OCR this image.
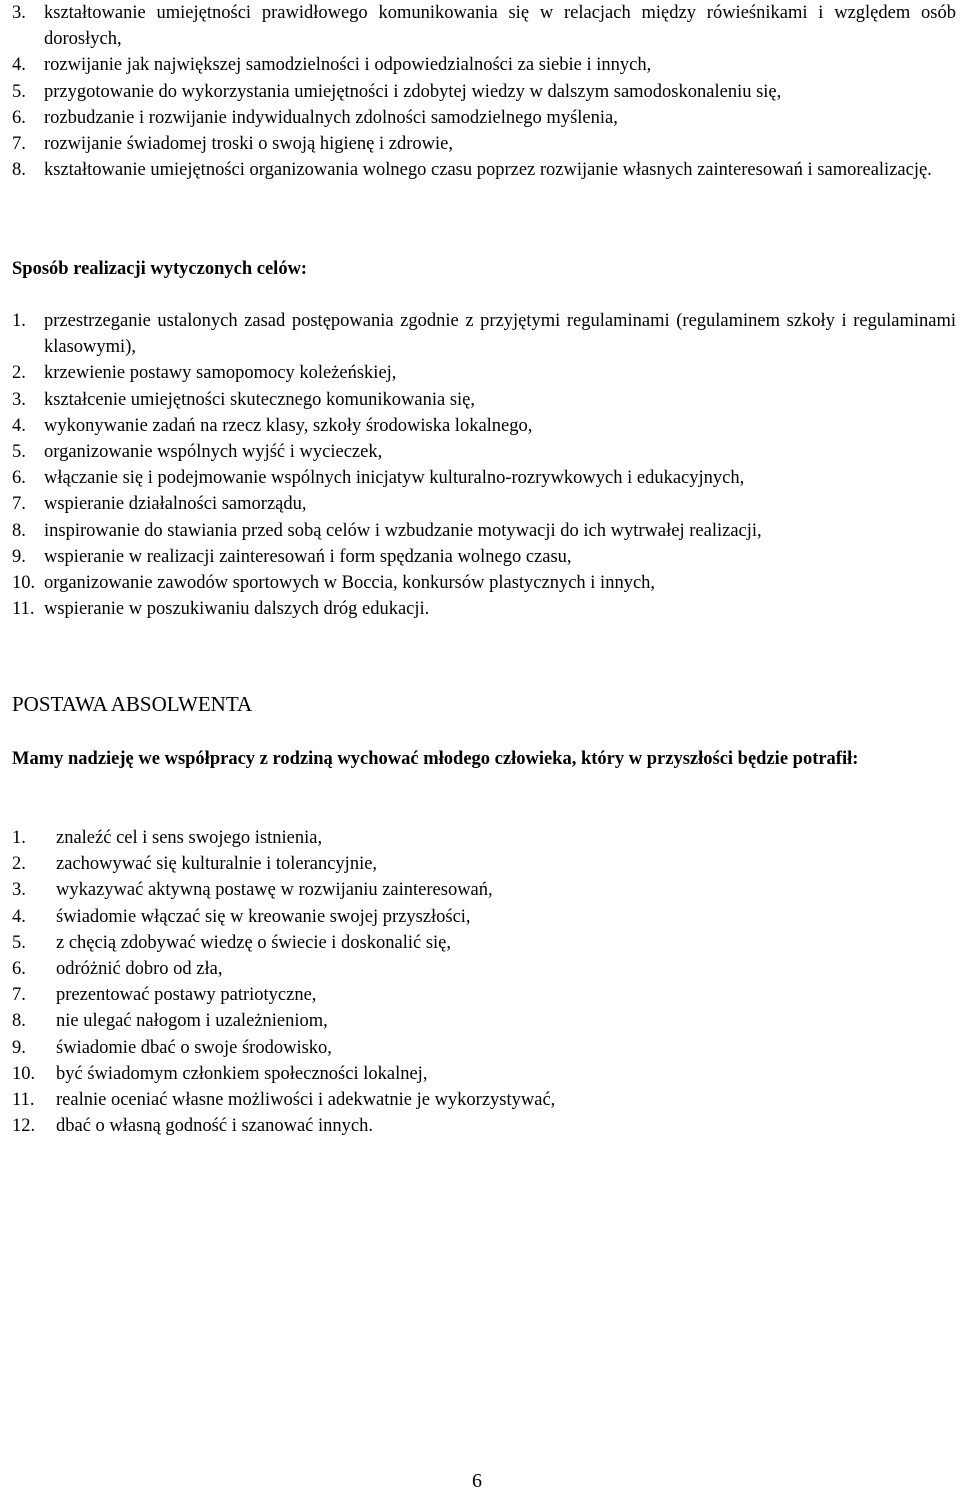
3. kształtowanie umiejętności prawidłowego komunikowania się w relacjach między rówieśnikami i względem osób dorosłych,
4. rozwijanie jak największej samodzielności i odpowiedzialności za siebie i innych,
5. przygotowanie do wykorzystania umiejętności i zdobytej wiedzy w dalszym samodoskonaleniu się,
6. rozbudzanie i rozwijanie indywidualnych zdolności samodzielnego myślenia,
7. rozwijanie świadomej troski o swoją higienę i zdrowie,
8. kształtowanie umiejętności organizowania wolnego czasu poprzez rozwijanie własnych zainteresowań i samorealizację.

Sposób realizacji wytyczonych celów:

1. przestrzeganie ustalonych zasad postępowania zgodnie z przyjętymi regulaminami (regulaminem szkoły i regulaminami klasowymi),
2. krzewienie postawy samopomocy koleżeńskiej,
3. kształcenie umiejętności skutecznego komunikowania się,
4. wykonywanie zadań na rzecz klasy, szkoły środowiska lokalnego,
5. organizowanie wspólnych wyjść i wycieczek,
6. włączanie się i podejmowanie wspólnych inicjatyw kulturalno-rozrywkowych i edukacyjnych,
7. wspieranie działalności samorządu,
8. inspirowanie do stawiania przed sobą celów i wzbudzanie motywacji do ich wytrwałej realizacji,
9. wspieranie w realizacji zainteresowań i form spędzania wolnego czasu,
10. organizowanie zawodów sportowych w Boccia, konkursów plastycznych i innych,
11. wspieranie w poszukiwaniu dalszych dróg edukacji.

POSTAWA ABSOLWENTA

Mamy nadzieję we współpracy z rodziną wychować młodego człowieka, który w przyszłości będzie potrafił:

1.	znaleźć cel i sens swojego istnienia,
2.	zachowywać się kulturalnie i tolerancyjnie,
3.	wykazywać aktywną postawę w rozwijaniu zainteresowań,
4.	świadomie włączać się w kreowanie swojej przyszłości,
5.	z chęcią zdobywać wiedzę o świecie i doskonalić się,
6.	odróżnić dobro od zła,
7.	prezentować postawy patriotyczne,
8.	nie ulegać nałogom i uzależnieniom,
9.	świadomie dbać o swoje środowisko,
10.	być świadomym członkiem społeczności lokalnej,
11.	realnie oceniać własne możliwości i adekwatnie je wykorzystywać,
12.	dbać o własną godność i szanować innych.
6
